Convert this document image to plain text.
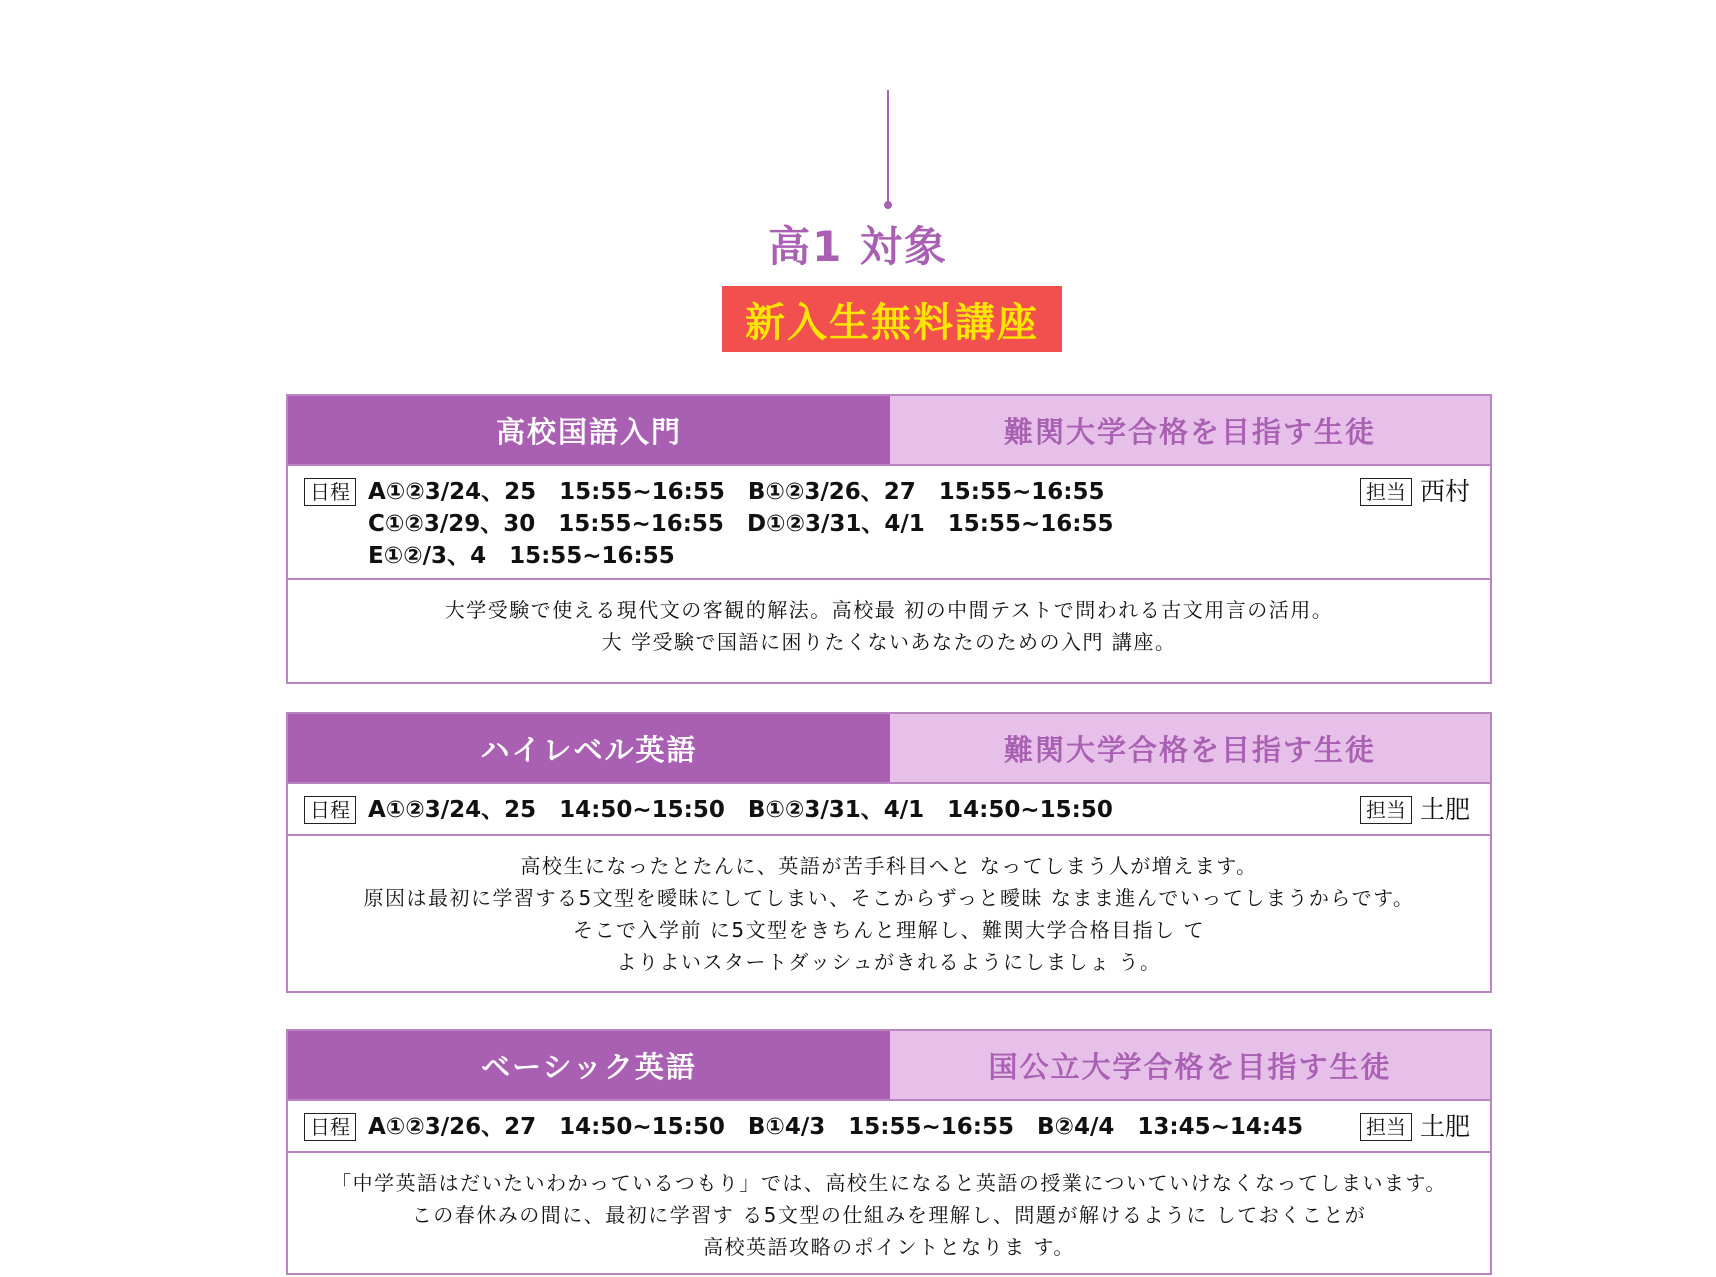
高1 対象
新入生無料講座
高校国語入門	難関大学合格を目指す生徒
日程 A①②3/24、25　15:55~16:55　B①②3/26、27　15:55~16:55
C①②3/29、30　15:55~16:55　D①②3/31、4/1　15:55~16:55
E①②/3、4　15:55~16:55
担当 西村
大学受験で使える現代文の客観的解法。高校最 初の中間テストで問われる古文用言の活用。
大 学受験で国語に困りたくないあなたのための入門 講座。
ハイレベル英語	難関大学合格を目指す生徒
日程 A①②3/24、25　14:50~15:50　B①②3/31、4/1　14:50~15:50	担当 土肥
高校生になったとたんに、英語が苦手科目へと なってしまう人が増えます。
原因は最初に学習する5文型を曖昧にしてしまい、そこからずっと曖昧 なまま進んでいってしまうからです。
そこで入学前 に5文型をきちんと理解し、難関大学合格目指し て
よりよいスタートダッシュがきれるようにしましょ う。
ベーシック英語	国公立大学合格を目指す生徒
日程 A①②3/26、27　14:50~15:50　B①4/3　15:55~16:55　B②4/4　13:45~14:45	担当 土肥
「中学英語はだいたいわかっているつもり」では、高校生になると英語の授業についていけなくなってしまいます。
この春休みの間に、最初に学習す る5文型の仕組みを理解し、問題が解けるように しておくことが
高校英語攻略のポイントとなりま す。
